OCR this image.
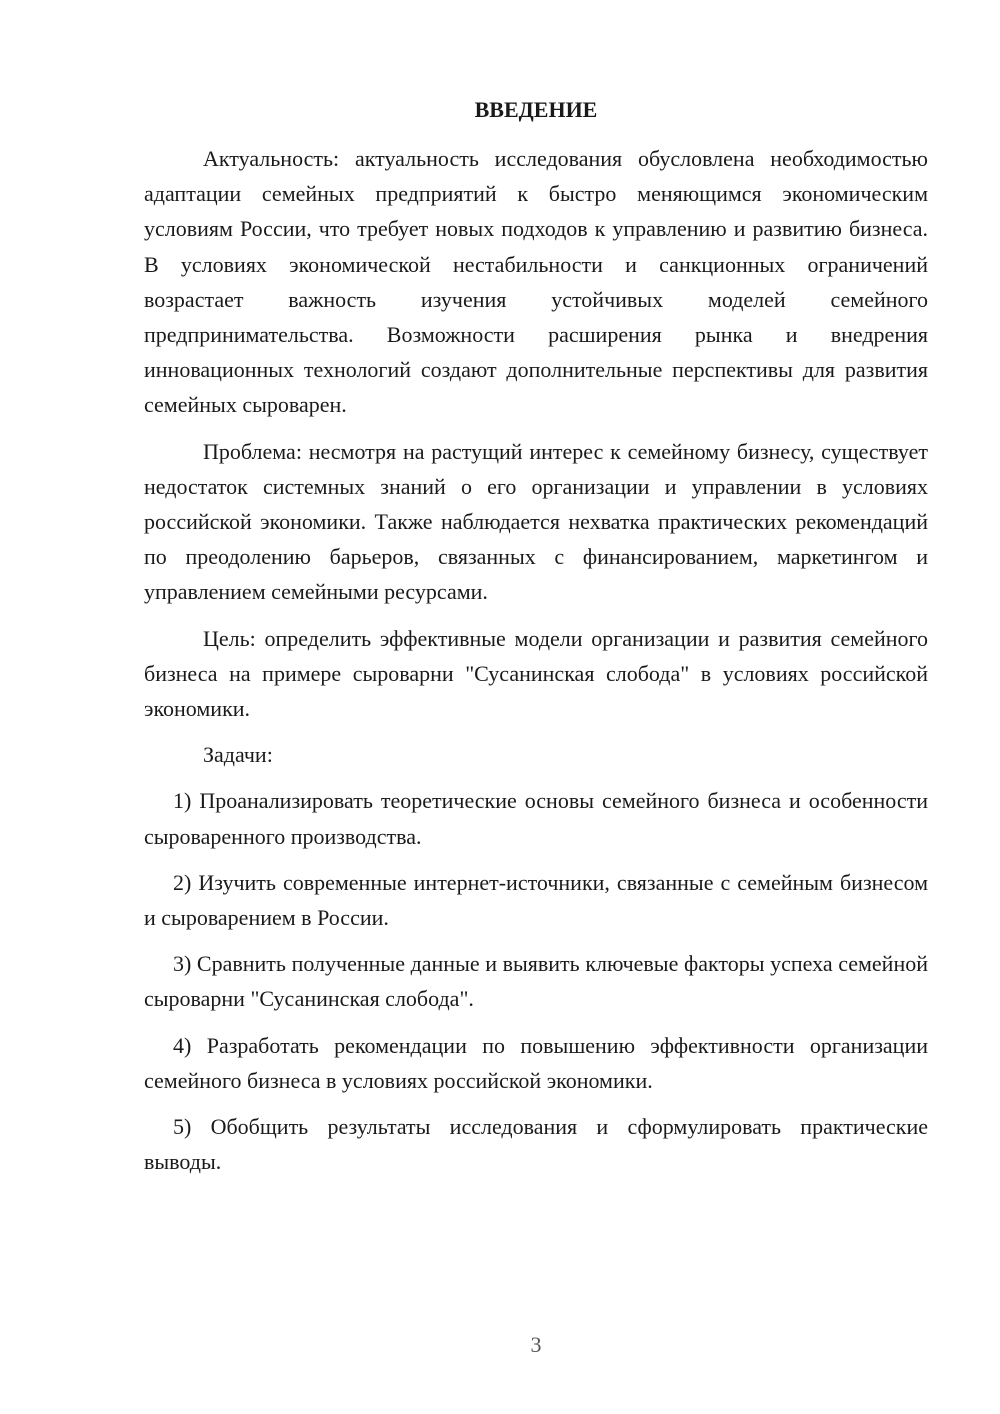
ВВЕДЕНИЕ

Актуальность: актуальность исследования обусловлена необходимостью адаптации семейных предприятий к быстро меняющимся экономическим условиям России, что требует новых подходов к управлению и развитию бизнеса. В условиях экономической нестабильности и санкционных ограничений возрастает важность изучения устойчивых моделей семейного предпринимательства. Возможности расширения рынка и внедрения инновационных технологий создают дополнительные перспективы для развития семейных сыроварен.

Проблема: несмотря на растущий интерес к семейному бизнесу, существует недостаток системных знаний о его организации и управлении в условиях российской экономики. Также наблюдается нехватка практических рекомендаций по преодолению барьеров, связанных с финансированием, маркетингом и управлением семейными ресурсами.

Цель: определить эффективные модели организации и развития семейного бизнеса на примере сыроварни "Сусанинская слобода" в условиях российской экономики.

Задачи:

1) Проанализировать теоретические основы семейного бизнеса и особенности сыроваренного производства.

2) Изучить современные интернет-источники, связанные с семейным бизнесом и сыроварением в России.

3) Сравнить полученные данные и выявить ключевые факторы успеха семейной сыроварни "Сусанинская слобода".

4) Разработать рекомендации по повышению эффективности организации семейного бизнеса в условиях российской экономики.

5) Обобщить результаты исследования и сформулировать практические выводы.

3
